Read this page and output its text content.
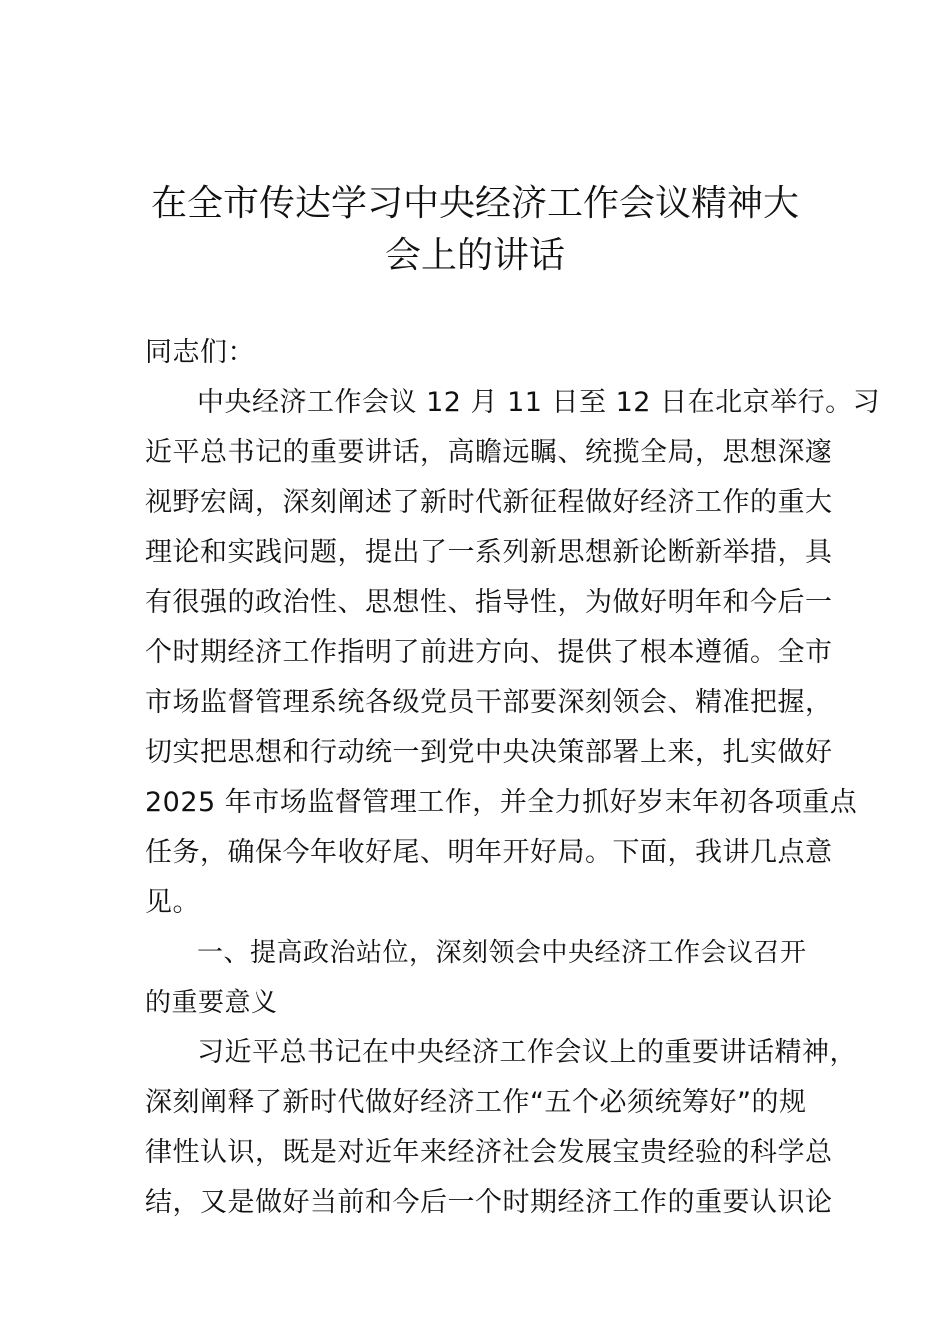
在全市传达学习中央经济工作会议精神大
会上的讲话
同志们：
中央经济工作会议 12 月 11 日至 12 日在北京举行。习
近平总书记的重要讲话，高瞻远瞩、统揽全局，思想深邃
视野宏阔，深刻阐述了新时代新征程做好经济工作的重大
理论和实践问题，提出了一系列新思想新论断新举措，具
有很强的政治性、思想性、指导性，为做好明年和今后一
个时期经济工作指明了前进方向、提供了根本遵循。全市
市场监督管理系统各级党员干部要深刻领会、精准把握，
切实把思想和行动统一到党中央决策部署上来，扎实做好
2025 年市场监督管理工作，并全力抓好岁末年初各项重点
任务，确保今年收好尾、明年开好局。下面，我讲几点意
见。
一、提高政治站位，深刻领会中央经济工作会议召开
的重要意义
习近平总书记在中央经济工作会议上的重要讲话精神，
深刻阐释了新时代做好经济工作“五个必须统筹好”的规
律性认识，既是对近年来经济社会发展宝贵经验的科学总
结，又是做好当前和今后一个时期经济工作的重要认识论
